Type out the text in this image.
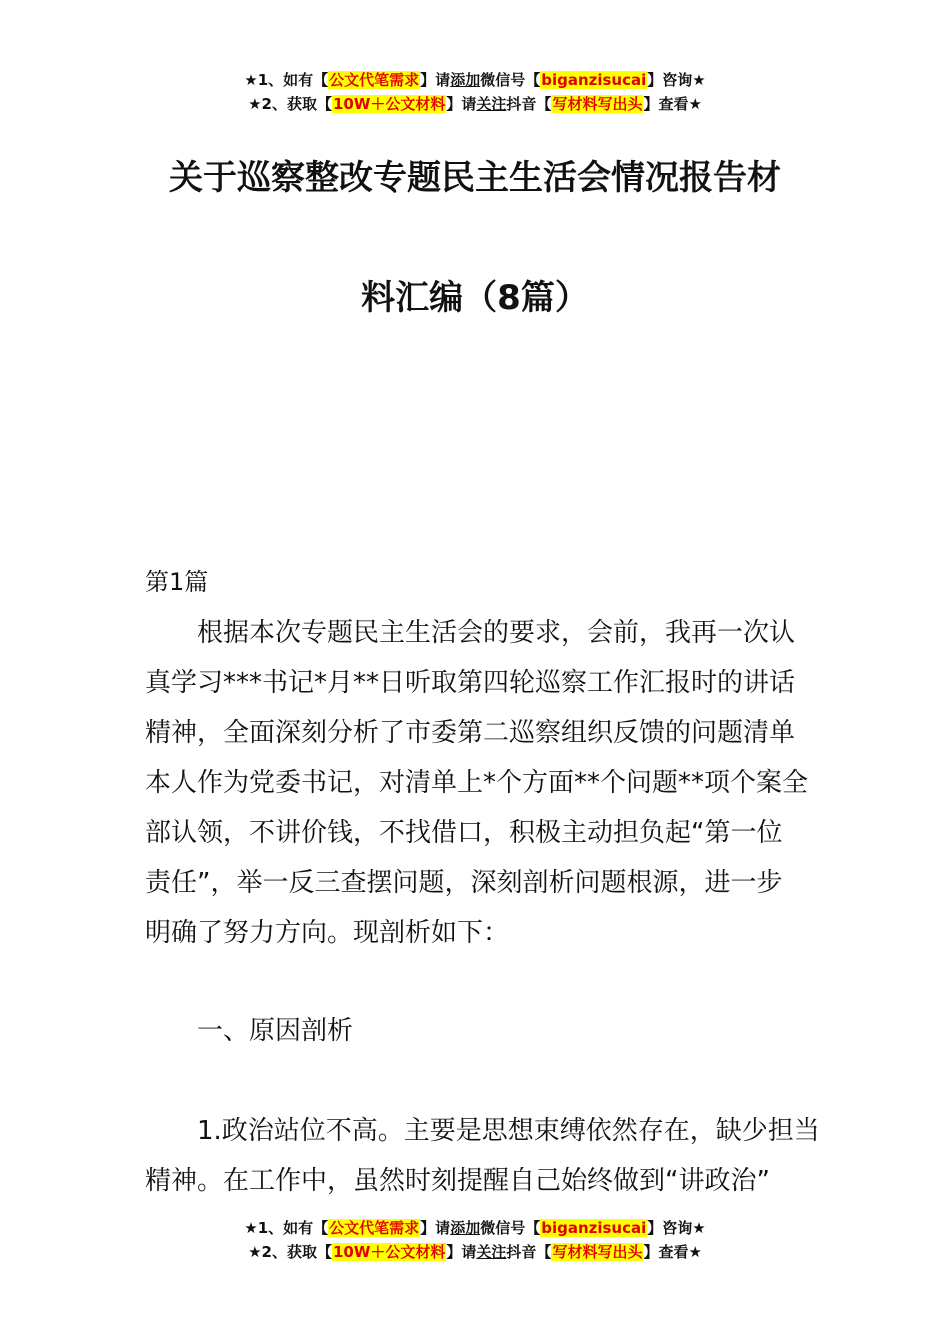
★1、如有【公文代笔需求】请添加微信号【biganzisucai】咨询★
★2、获取【10W＋公文材料】请关注抖音【写材料写出头】查看★
关于巡察整改专题民主生活会情况报告材
料汇编（8篇）
第1篇
根据本次专题民主生活会的要求，会前，我再一次认
真学习***书记*月**日听取第四轮巡察工作汇报时的讲话
精神，全面深刻分析了市委第二巡察组织反馈的问题清单
本人作为党委书记，对清单上*个方面**个问题**项个案全
部认领，不讲价钱，不找借口，积极主动担负起“第一位
责任”，举一反三查摆问题，深刻剖析问题根源，进一步
明确了努力方向。现剖析如下：
一、原因剖析
1.政治站位不高。主要是思想束缚依然存在，缺少担当
精神。在工作中，虽然时刻提醒自己始终做到“讲政治”
★1、如有【公文代笔需求】请添加微信号【biganzisucai】咨询★
★2、获取【10W＋公文材料】请关注抖音【写材料写出头】查看★
